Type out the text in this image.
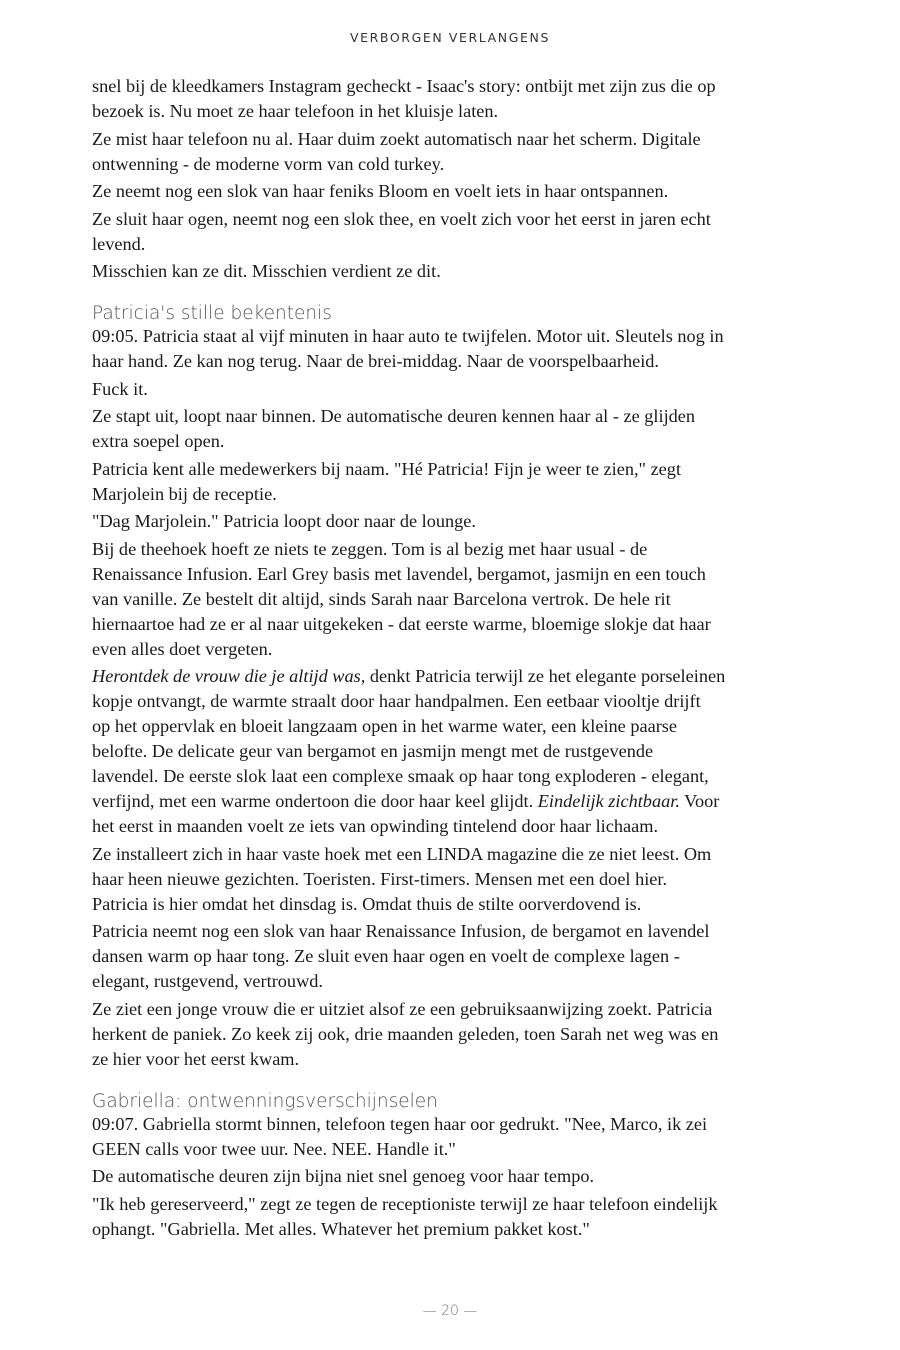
VERBORGEN VERLANGENS

snel bij de kleedkamers Instagram gecheckt - Isaac's story: ontbijt met zijn zus die op
bezoek is. Nu moet ze haar telefoon in het kluisje laten.

Ze mist haar telefoon nu al. Haar duim zoekt automatisch naar het scherm. Digitale
ontwenning - de moderne vorm van cold turkey.

Ze neemt nog een slok van haar feniks Bloom en voelt iets in haar ontspannen.

Ze sluit haar ogen, neemt nog een slok thee, en voelt zich voor het eerst in jaren echt
levend.

Misschien kan ze dit. Misschien verdient ze dit.

Patricia's stille bekentenis

09:05. Patricia staat al vijf minuten in haar auto te twijfelen. Motor uit. Sleutels nog in
haar hand. Ze kan nog terug. Naar de brei-middag. Naar de voorspelbaarheid.

Fuck it.

Ze stapt uit, loopt naar binnen. De automatische deuren kennen haar al - ze glijden
extra soepel open.

Patricia kent alle medewerkers bij naam. "Hé Patricia! Fijn je weer te zien," zegt
Marjolein bij de receptie.

"Dag Marjolein." Patricia loopt door naar de lounge.

Bij de theehoek hoeft ze niets te zeggen. Tom is al bezig met haar usual - de
Renaissance Infusion. Earl Grey basis met lavendel, bergamot, jasmijn en een touch
van vanille. Ze bestelt dit altijd, sinds Sarah naar Barcelona vertrok. De hele rit
hiernaartoe had ze er al naar uitgekeken - dat eerste warme, bloemige slokje dat haar
even alles doet vergeten.

Herontdek de vrouw die je altijd was, denkt Patricia terwijl ze het elegante porseleinen
kopje ontvangt, de warmte straalt door haar handpalmen. Een eetbaar viooltje drijft
op het oppervlak en bloeit langzaam open in het warme water, een kleine paarse
belofte. De delicate geur van bergamot en jasmijn mengt met de rustgevende
lavendel. De eerste slok laat een complexe smaak op haar tong exploderen - elegant,
verfijnd, met een warme ondertoon die door haar keel glijdt. Eindelijk zichtbaar. Voor
het eerst in maanden voelt ze iets van opwinding tintelend door haar lichaam.

Ze installeert zich in haar vaste hoek met een LINDA magazine die ze niet leest. Om
haar heen nieuwe gezichten. Toeristen. First-timers. Mensen met een doel hier.
Patricia is hier omdat het dinsdag is. Omdat thuis de stilte oorverdovend is.

Patricia neemt nog een slok van haar Renaissance Infusion, de bergamot en lavendel
dansen warm op haar tong. Ze sluit even haar ogen en voelt de complexe lagen -
elegant, rustgevend, vertrouwd.

Ze ziet een jonge vrouw die er uitziet alsof ze een gebruiksaanwijzing zoekt. Patricia
herkent de paniek. Zo keek zij ook, drie maanden geleden, toen Sarah net weg was en
ze hier voor het eerst kwam.

Gabriella: ontwenningsverschijnselen

09:07. Gabriella stormt binnen, telefoon tegen haar oor gedrukt. "Nee, Marco, ik zei
GEEN calls voor twee uur. Nee. NEE. Handle it."

De automatische deuren zijn bijna niet snel genoeg voor haar tempo.

"Ik heb gereserveerd," zegt ze tegen de receptioniste terwijl ze haar telefoon eindelijk
ophangt. "Gabriella. Met alles. Whatever het premium pakket kost."

— 20 —
